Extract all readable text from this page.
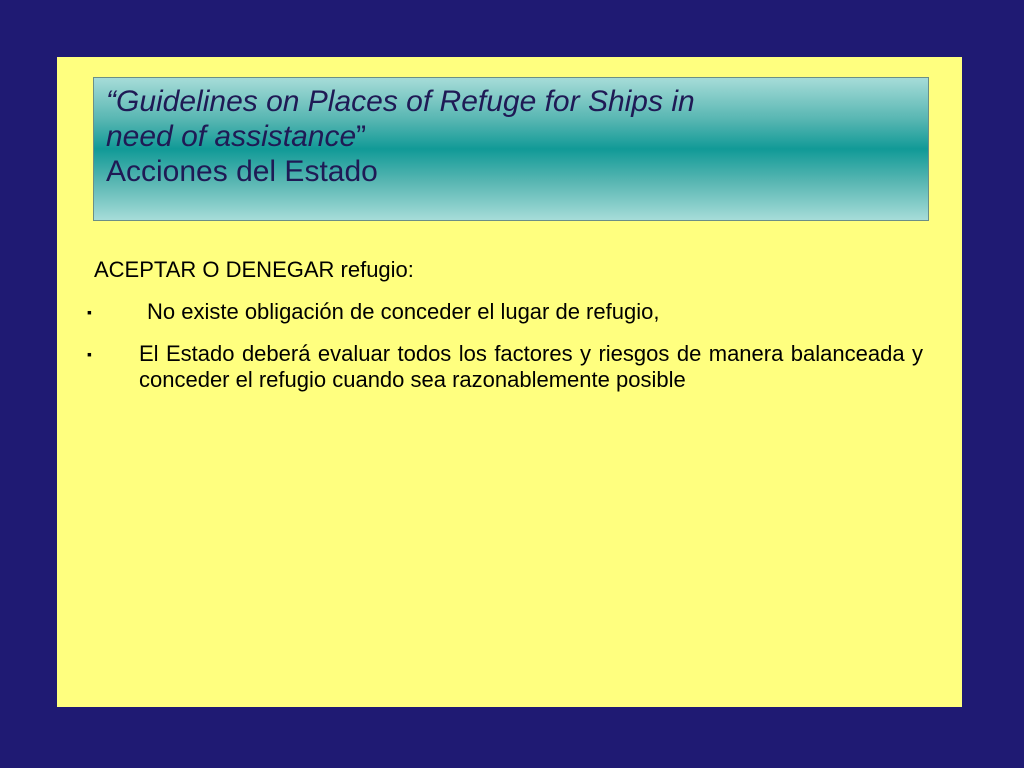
“Guidelines on Places of Refuge for Ships in

need of assistance”

Acciones del Estado

ACEPTAR O DENEGAR refugio:

▪	No existe obligación de conceder el lugar de refugio,
▪	El Estado deberá evaluar todos los factores y riesgos de manera balanceada y conceder el refugio cuando sea razonablemente posible
